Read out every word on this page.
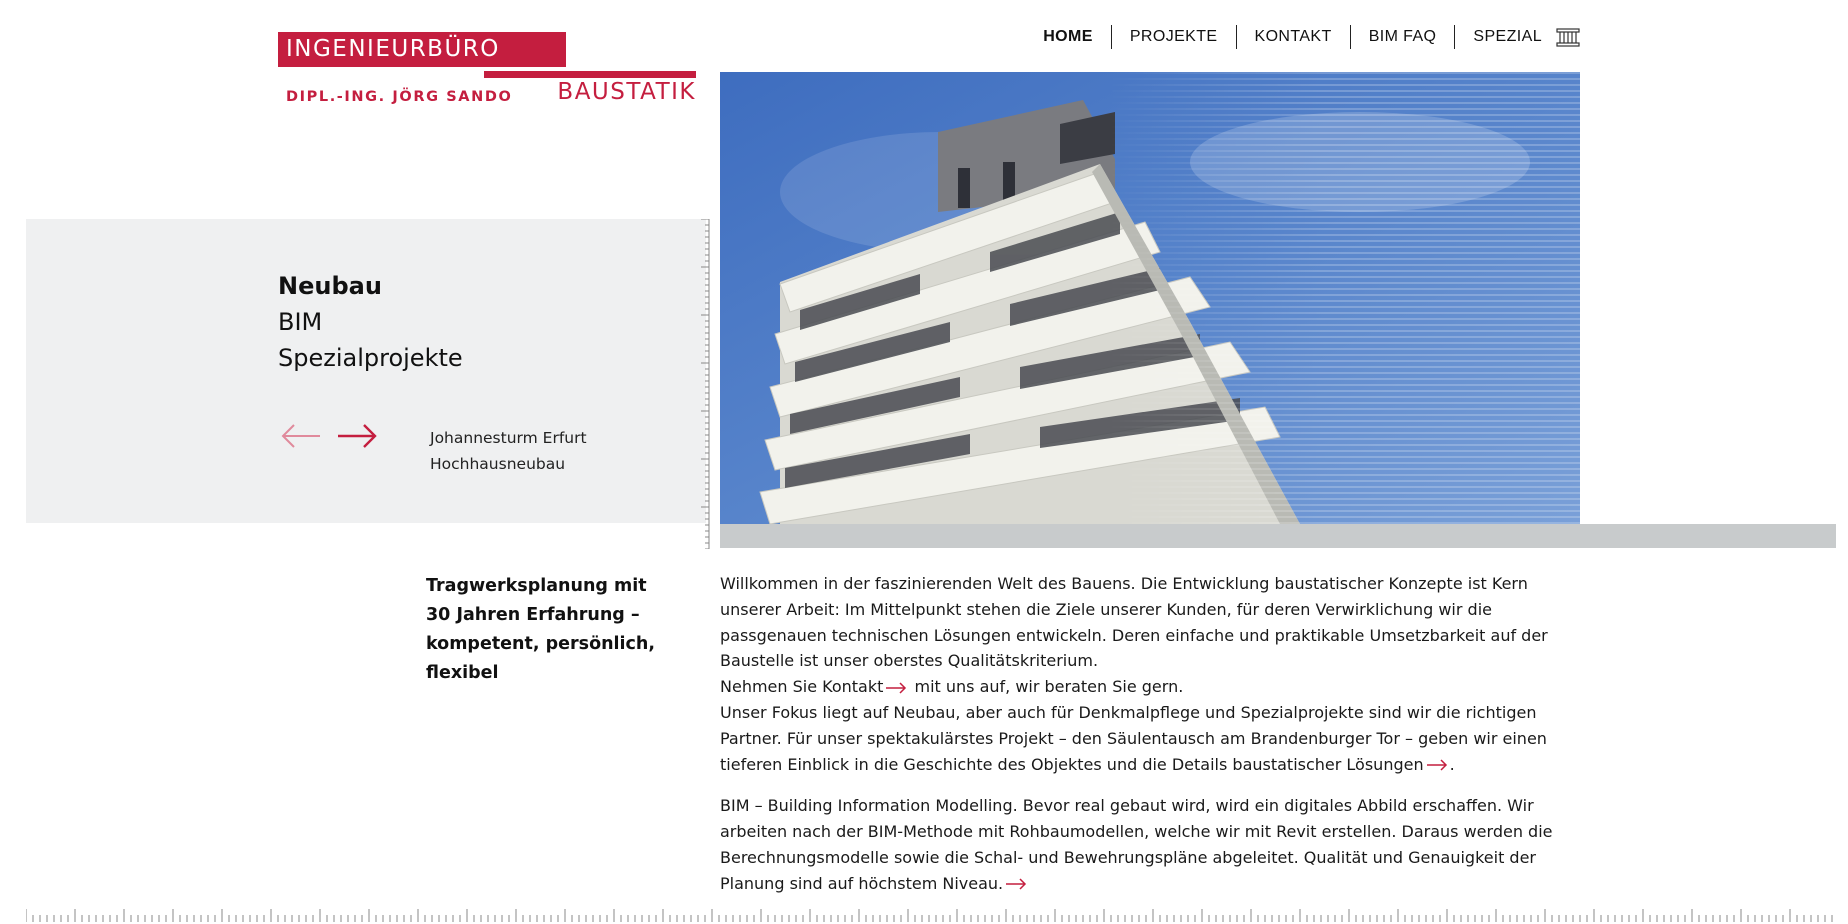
INGENIEURBÜRO
DIPL.-ING. JÖRG SANDO BAUSTATIK
HOME	PROJEKTE	KONTAKT	BIM FAQ	SPEZIAL
Neubau
BIM
Spezialprojekte
Johannesturm Erfurt
Hochhausneubau
Tragwerksplanung mit 30 Jahren Erfahrung – kompetent, persönlich, flexibel

Willkommen in der faszinierenden Welt des Bauens. Die Entwicklung baustatischer Konzepte ist Kern unserer Arbeit: Im Mittelpunkt stehen die Ziele unserer Kunden, für deren Verwirklichung wir die passgenauen technischen Lösungen entwickeln. Deren einfache und praktikable Umsetzbarkeit auf der Baustelle ist unser oberstes Qualitätskriterium.

Nehmen Sie Kontakt mit uns auf, wir beraten Sie gern.

Unser Fokus liegt auf Neubau, aber auch für Denkmalpflege und Spezialprojekte sind wir die richtigen Partner. Für unser spektakulärstes Projekt – den Säulentausch am Brandenburger Tor – geben wir einen tieferen Einblick in die Geschichte des Objektes und die Details baustatischer Lösungen .

BIM – Building Information Modelling. Bevor real gebaut wird, wird ein digitales Abbild erschaffen. Wir arbeiten nach der BIM-Methode mit Rohbaumodellen, welche wir mit Revit erstellen. Daraus werden die Berechnungsmodelle sowie die Schal- und Bewehrungspläne abgeleitet. Qualität und Genauigkeit der Planung sind auf höchstem Niveau.
